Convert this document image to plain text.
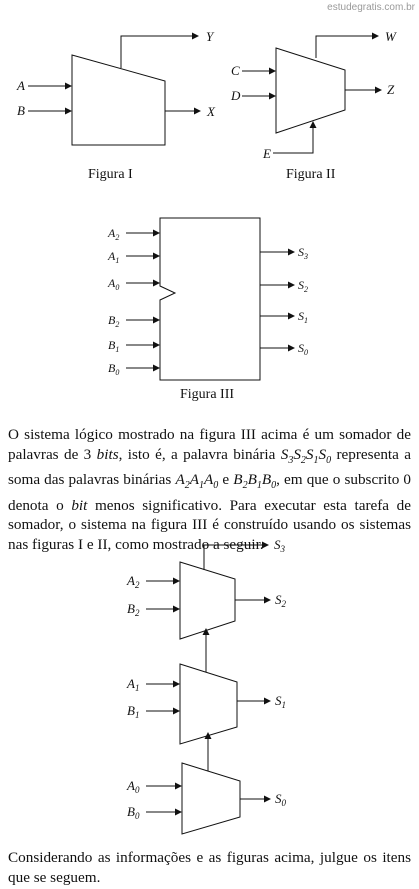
estudegratis.com.br
A
B
Y
X
Figura I
C
D
E
W
Z
Figura II
$A_2$
$A_1$
$A_0$
$B_2$
$B_1$
$B_0$
$S_3$
$S_2$
$S_1$
$S_0$
Figura III
$A_2$
$B_2$
$S_3$
$S_2$
$A_1$
$B_1$
$S_1$
$A_0$
$B_0$
$S_0$
O sistema lógico mostrado na figura III acima é um somador de palavras de 3 bits, isto é, a palavra binária $S_3S_2S_1S_0$ representa a soma das palavras binárias $A_2A_1A_0$ e $B_2B_1B_0$, em que o subscrito 0 denota o bit menos significativo. Para executar esta tarefa de somador, o sistema na figura III é construído usando os sistemas nas figuras I e II, como mostrado a seguir.
Considerando as informações e as figuras acima, julgue os itens que se seguem.
